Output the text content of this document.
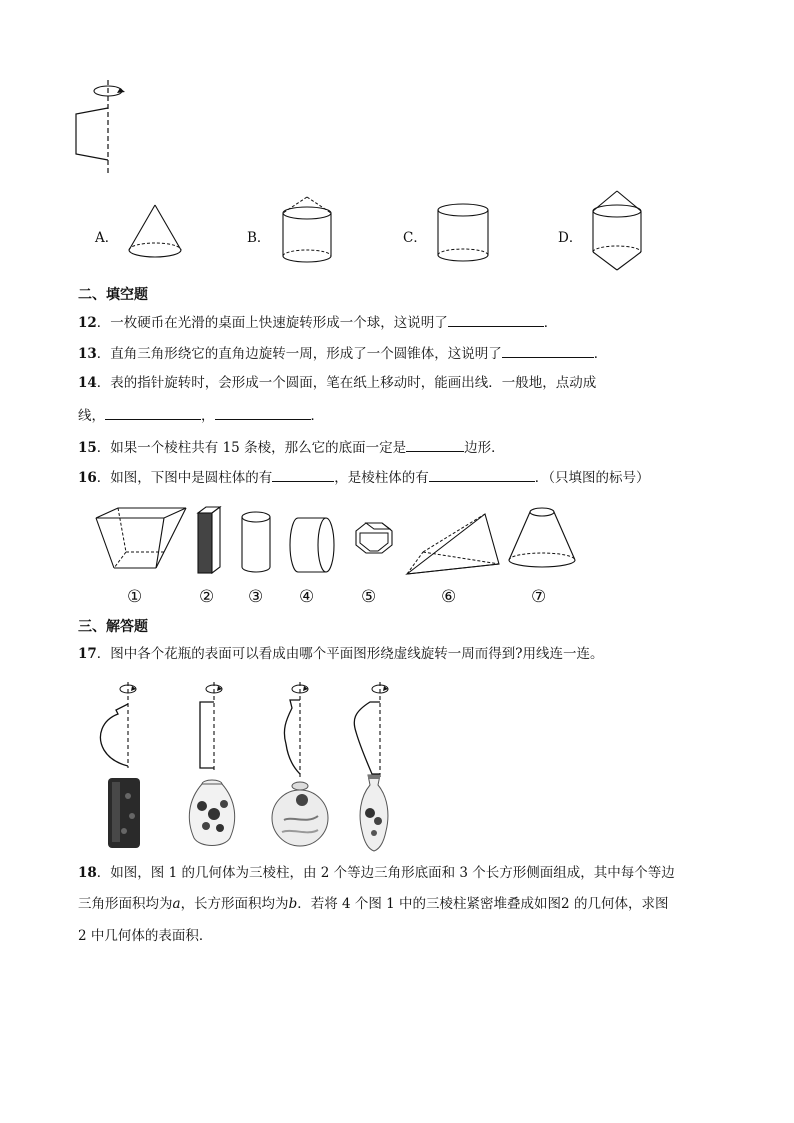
A．	B．	C．	D．
二、填空题
12．一枚硬币在光滑的桌面上快速旋转形成一个球，这说明了	．
13．直角三角形绕它的直角边旋转一周，形成了一个圆锥体，这说明了	．
14．表的指针旋转时，会形成一个圆面，笔在纸上移动时，能画出线．一般地，点动成
线，	，	．
15．如果一个棱柱共有 15 条棱，那么它的底面一定是	边形．
16．如图，下图中是圆柱体的有	，是棱柱体的有	．（只填图的标号）
①	② ③ ④	⑤	⑥	⑦
三、解答题
17．图中各个花瓶的表面可以看成由哪个平面图形绕虚线旋转一周而得到?用线连一连。
18．如图，图 1 的几何体为三棱柱，由 2 个等边三角形底面和 3 个长方形侧面组成，其中每个等边
三角形面积均为a，长方形面积均为b．若将 4 个图 1 中的三棱柱紧密堆叠成如图2 的几何体，求图
2 中几何体的表面积．
